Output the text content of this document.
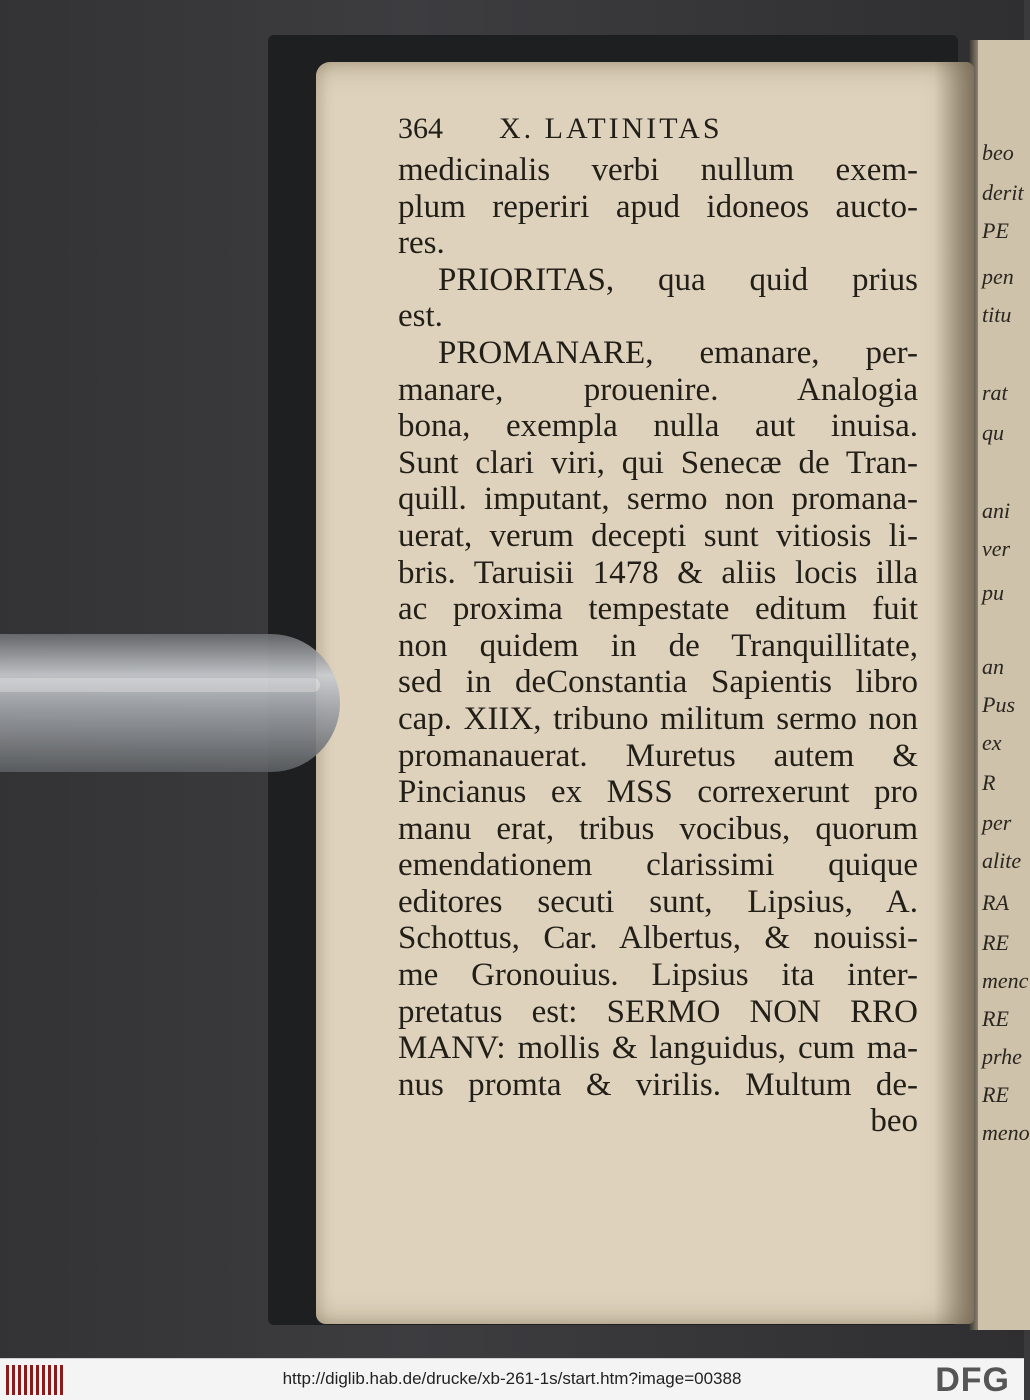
beo
derit
PE
pen
titu
rat
qu
ani
ver
pu
an
Pus
ex
R
per
alite
RA
RE
menc
RE
prhe
RE
meno
364 X. LATINITAS
medicinalis verbi nullum exem-
plum reperiri apud idoneos aucto-
res.
PRIORITAS, qua quid prius
est.
PROMANARE, emanare, per-
manare, prouenire. Analogia
bona, exempla nulla aut inuisa.
Sunt clari viri, qui Senecæ de Tran-
quill. imputant, sermo non promana-
uerat, verum decepti sunt vitiosis li-
bris. Taruisii 1478 & aliis locis illa
ac proxima tempestate editum fuit
non quidem in de Tranquillitate,
sed in deConstantia Sapientis libro
cap. XIIX, tribuno militum sermo non
promanauerat. Muretus autem &
Pincianus ex MSS correxerunt pro
manu erat, tribus vocibus, quorum
emendationem clarissimi quique
editores secuti sunt, Lipsius, A.
Schottus, Car. Albertus, & nouissi-
me Gronouius. Lipsius ita inter-
pretatus est: SERMO NON RRO
MANV: mollis & languidus, cum ma-
nus promta & virilis. Multum de-
beo
http://diglib.hab.de/drucke/xb-261-1s/start.htm?image=00388	DFG
